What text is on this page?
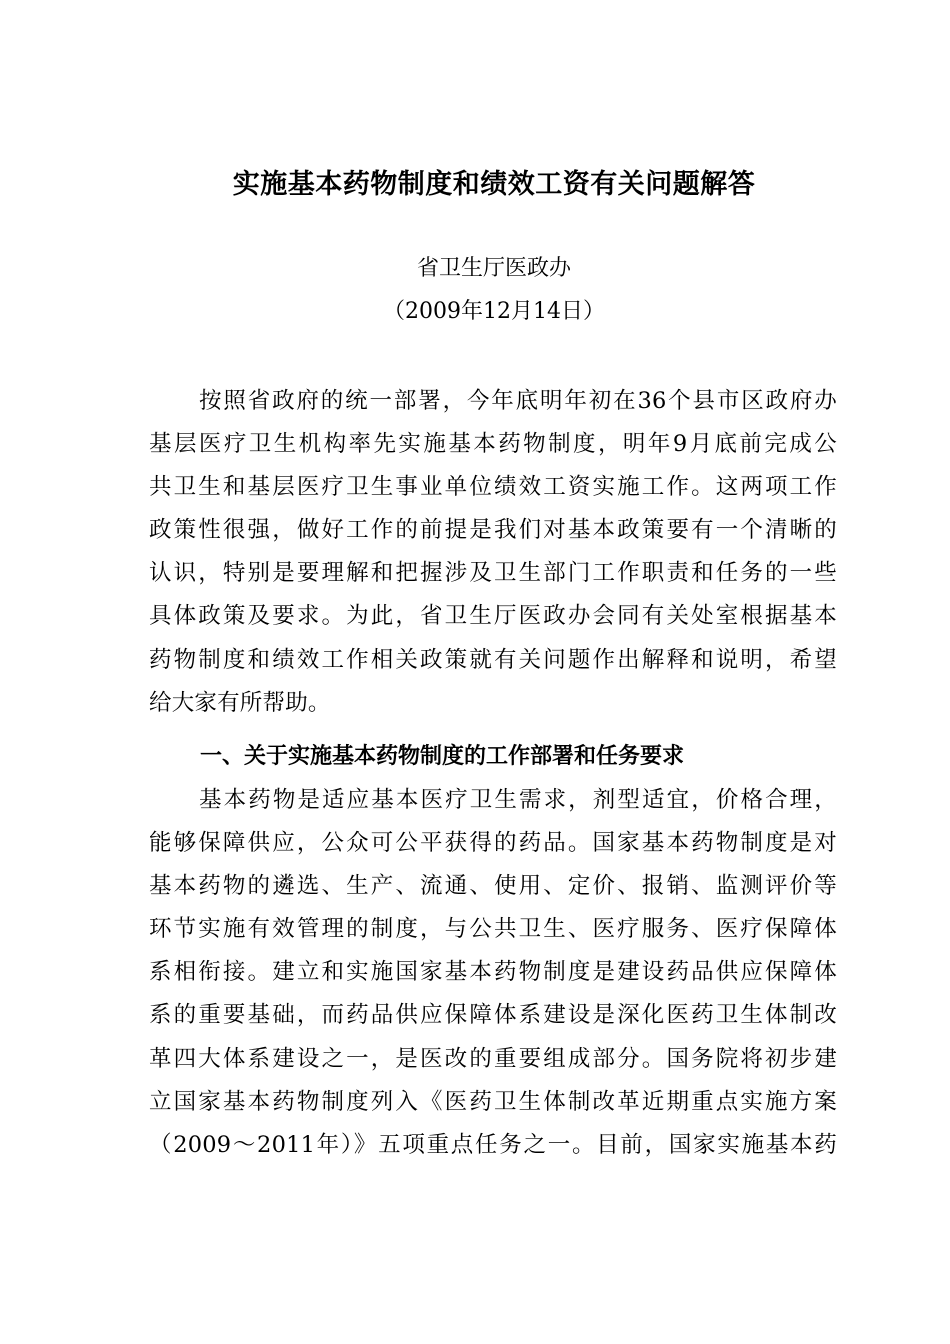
实施基本药物制度和绩效工资有关问题解答
省卫生厅医政办
（2009年12月14日）
按照省政府的统一部署，今年底明年初在36个县市区政府办
基层医疗卫生机构率先实施基本药物制度，明年9月底前完成公
共卫生和基层医疗卫生事业单位绩效工资实施工作。这两项工作
政策性很强，做好工作的前提是我们对基本政策要有一个清晰的
认识，特别是要理解和把握涉及卫生部门工作职责和任务的一些
具体政策及要求。为此，省卫生厅医政办会同有关处室根据基本
药物制度和绩效工作相关政策就有关问题作出解释和说明，希望
给大家有所帮助。
一、关于实施基本药物制度的工作部署和任务要求
基本药物是适应基本医疗卫生需求，剂型适宜，价格合理，
能够保障供应，公众可公平获得的药品。国家基本药物制度是对
基本药物的遴选、生产、流通、使用、定价、报销、监测评价等
环节实施有效管理的制度，与公共卫生、医疗服务、医疗保障体
系相衔接。建立和实施国家基本药物制度是建设药品供应保障体
系的重要基础，而药品供应保障体系建设是深化医药卫生体制改
革四大体系建设之一，是医改的重要组成部分。国务院将初步建
立国家基本药物制度列入《医药卫生体制改革近期重点实施方案
（2009～2011年）》五项重点任务之一。目前，国家实施基本药
